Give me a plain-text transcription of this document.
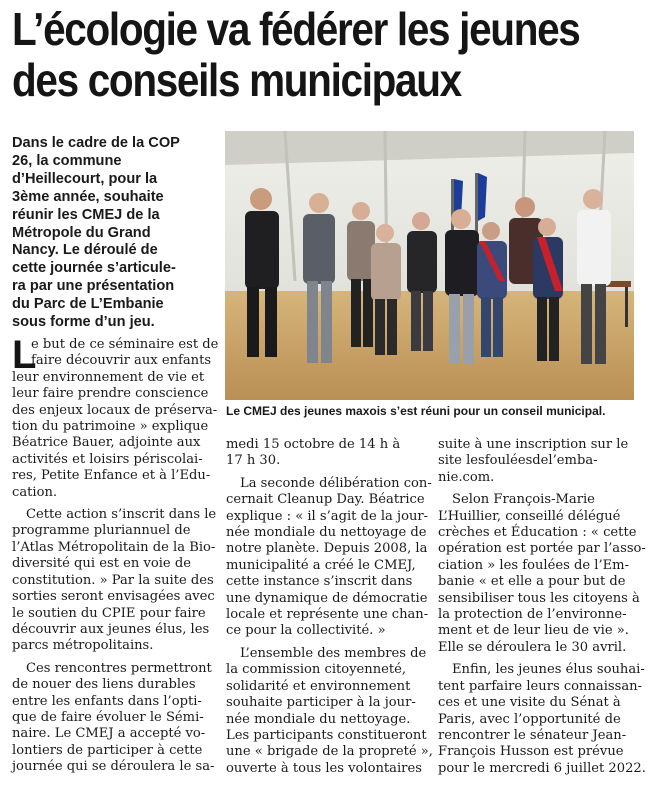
L’écologie va fédérer les jeunes
des conseils municipaux
Dans le cadre de la COP
26, la commune
d’Heillecourt, pour la
3ème année, souhaite
réunir les CMEJ de la
Métropole du Grand
Nancy. Le déroulé de
cette journée s’articule-
ra par une présentation
du Parc de L’Embanie
sous forme d’un jeu.
Le CMEJ des jeunes maxois s’est réuni pour un conseil municipal.
L
e but de ce séminaire est de
faire découvrir aux enfants
leur environnement de vie et
leur faire prendre conscience
des enjeux locaux de préserva-
tion du patrimoine » explique
Béatrice Bauer, adjointe aux
activités et loisirs périscolai-
res, Petite Enfance et à l’Edu-
cation.
Cette action s’inscrit dans le
programme pluriannuel de
l’Atlas Métropolitain de la Bio-
diversité qui est en voie de
constitution. » Par la suite des
sorties seront envisagées avec
le soutien du CPIE pour faire
découvrir aux jeunes élus, les
parcs métropolitains.
Ces rencontres permettront
de nouer des liens durables
entre les enfants dans l’opti-
que de faire évoluer le Sémi-
naire. Le CMEJ a accepté vo-
lontiers de participer à cette
journée qui se déroulera le sa-
medi 15 octobre de 14 h à
17 h 30.
La seconde délibération con-
cernait Cleanup Day. Béatrice
explique : « il s’agit de la jour-
née mondiale du nettoyage de
notre planète. Depuis 2008, la
municipalité a créé le CMEJ,
cette instance s’inscrit dans
une dynamique de démocratie
locale et représente une chan-
ce pour la collectivité. »
L’ensemble des membres de
la commission citoyenneté,
solidarité et environnement
souhaite participer à la jour-
née mondiale du nettoyage.
Les participants constitueront
une « brigade de la propreté »,
ouverte à tous les volontaires
suite à une inscription sur le
site lesfouléesdel’emba-
nie.com.
Selon François-Marie
L’Huillier, conseillé délégué
crèches et Éducation : « cette
opération est portée par l’asso-
ciation » les foulées de l’Em-
banie « et elle a pour but de
sensibiliser tous les citoyens à
la protection de l’environne-
ment et de leur lieu de vie ».
Elle se déroulera le 30 avril.
Enfin, les jeunes élus souhai-
tent parfaire leurs connaissan-
ces et une visite du Sénat à
Paris, avec l’opportunité de
rencontrer le sénateur Jean-
François Husson est prévue
pour le mercredi 6 juillet 2022.
